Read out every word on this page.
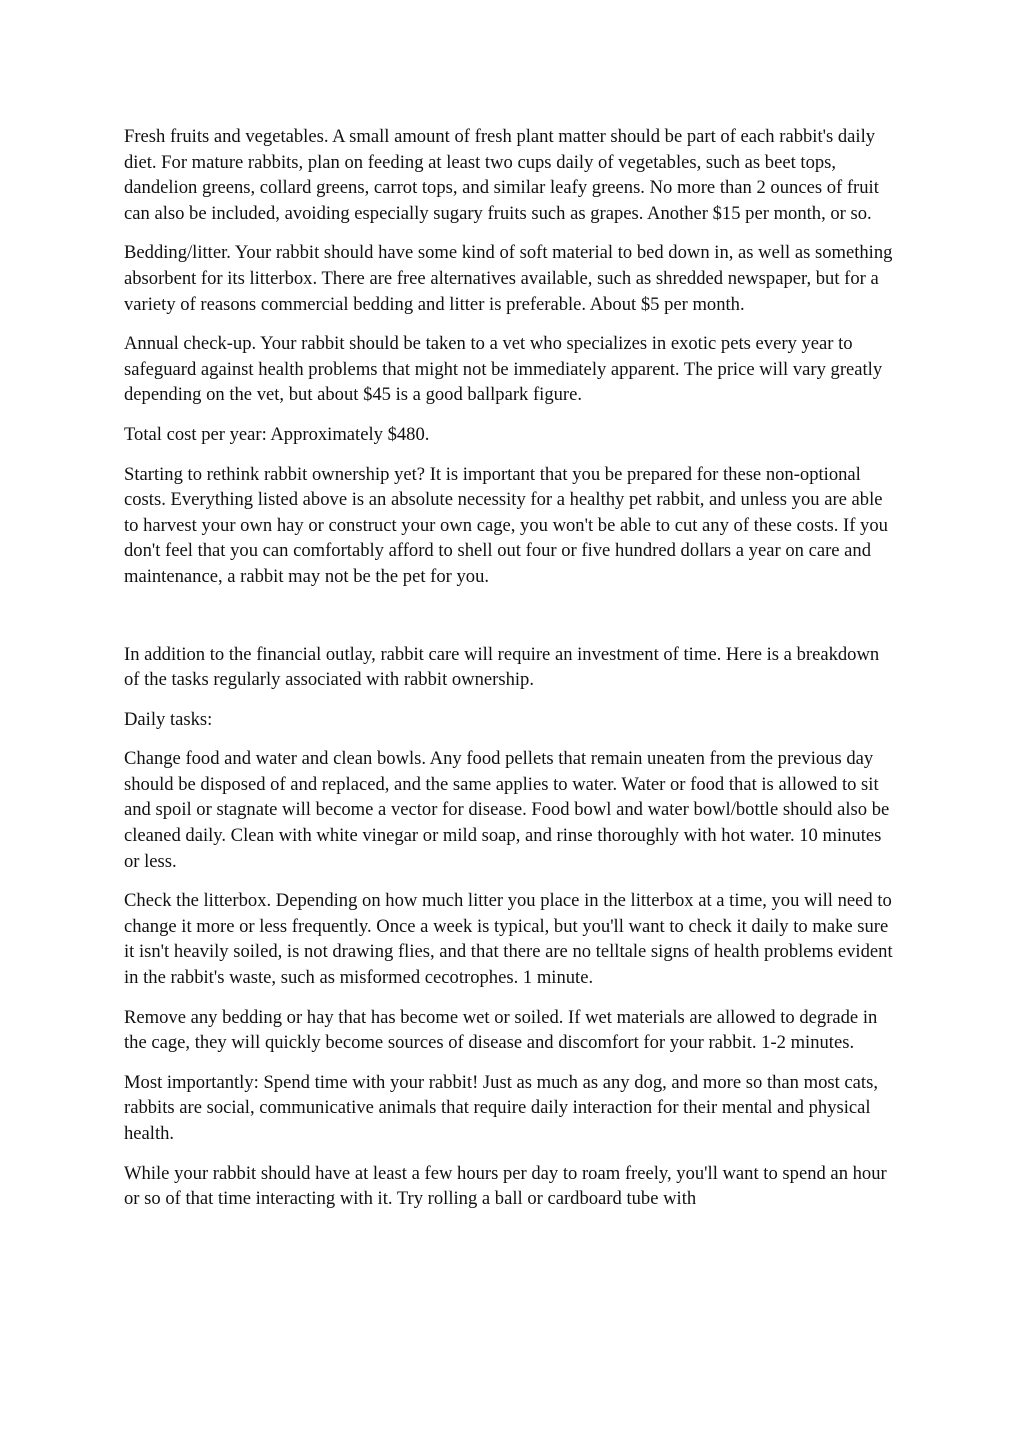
Fresh fruits and vegetables. A small amount of fresh plant matter should be part of each rabbit's daily diet. For mature rabbits, plan on feeding at least two cups daily of vegetables, such as beet tops, dandelion greens, collard greens, carrot tops, and similar leafy greens. No more than 2 ounces of fruit can also be included, avoiding especially sugary fruits such as grapes. Another $15 per month, or so.

Bedding/litter. Your rabbit should have some kind of soft material to bed down in, as well as something absorbent for its litterbox. There are free alternatives available, such as shredded newspaper, but for a variety of reasons commercial bedding and litter is preferable. About $5 per month.

Annual check-up. Your rabbit should be taken to a vet who specializes in exotic pets every year to safeguard against health problems that might not be immediately apparent. The price will vary greatly depending on the vet, but about $45 is a good ballpark figure.

Total cost per year: Approximately $480.

Starting to rethink rabbit ownership yet? It is important that you be prepared for these non-optional costs. Everything listed above is an absolute necessity for a healthy pet rabbit, and unless you are able to harvest your own hay or construct your own cage, you won't be able to cut any of these costs. If you don't feel that you can comfortably afford to shell out four or five hundred dollars a year on care and maintenance, a rabbit may not be the pet for you.

In addition to the financial outlay, rabbit care will require an investment of time. Here is a breakdown of the tasks regularly associated with rabbit ownership.

Daily tasks:

Change food and water and clean bowls. Any food pellets that remain uneaten from the previous day should be disposed of and replaced, and the same applies to water. Water or food that is allowed to sit and spoil or stagnate will become a vector for disease. Food bowl and water bowl/bottle should also be cleaned daily. Clean with white vinegar or mild soap, and rinse thoroughly with hot water. 10 minutes or less.

Check the litterbox. Depending on how much litter you place in the litterbox at a time, you will need to change it more or less frequently. Once a week is typical, but you'll want to check it daily to make sure it isn't heavily soiled, is not drawing flies, and that there are no telltale signs of health problems evident in the rabbit's waste, such as misformed cecotrophes. 1 minute.

Remove any bedding or hay that has become wet or soiled. If wet materials are allowed to degrade in the cage, they will quickly become sources of disease and discomfort for your rabbit. 1-2 minutes.

Most importantly: Spend time with your rabbit! Just as much as any dog, and more so than most cats, rabbits are social, communicative animals that require daily interaction for their mental and physical health.

While your rabbit should have at least a few hours per day to roam freely, you'll want to spend an hour or so of that time interacting with it. Try rolling a ball or cardboard tube with
